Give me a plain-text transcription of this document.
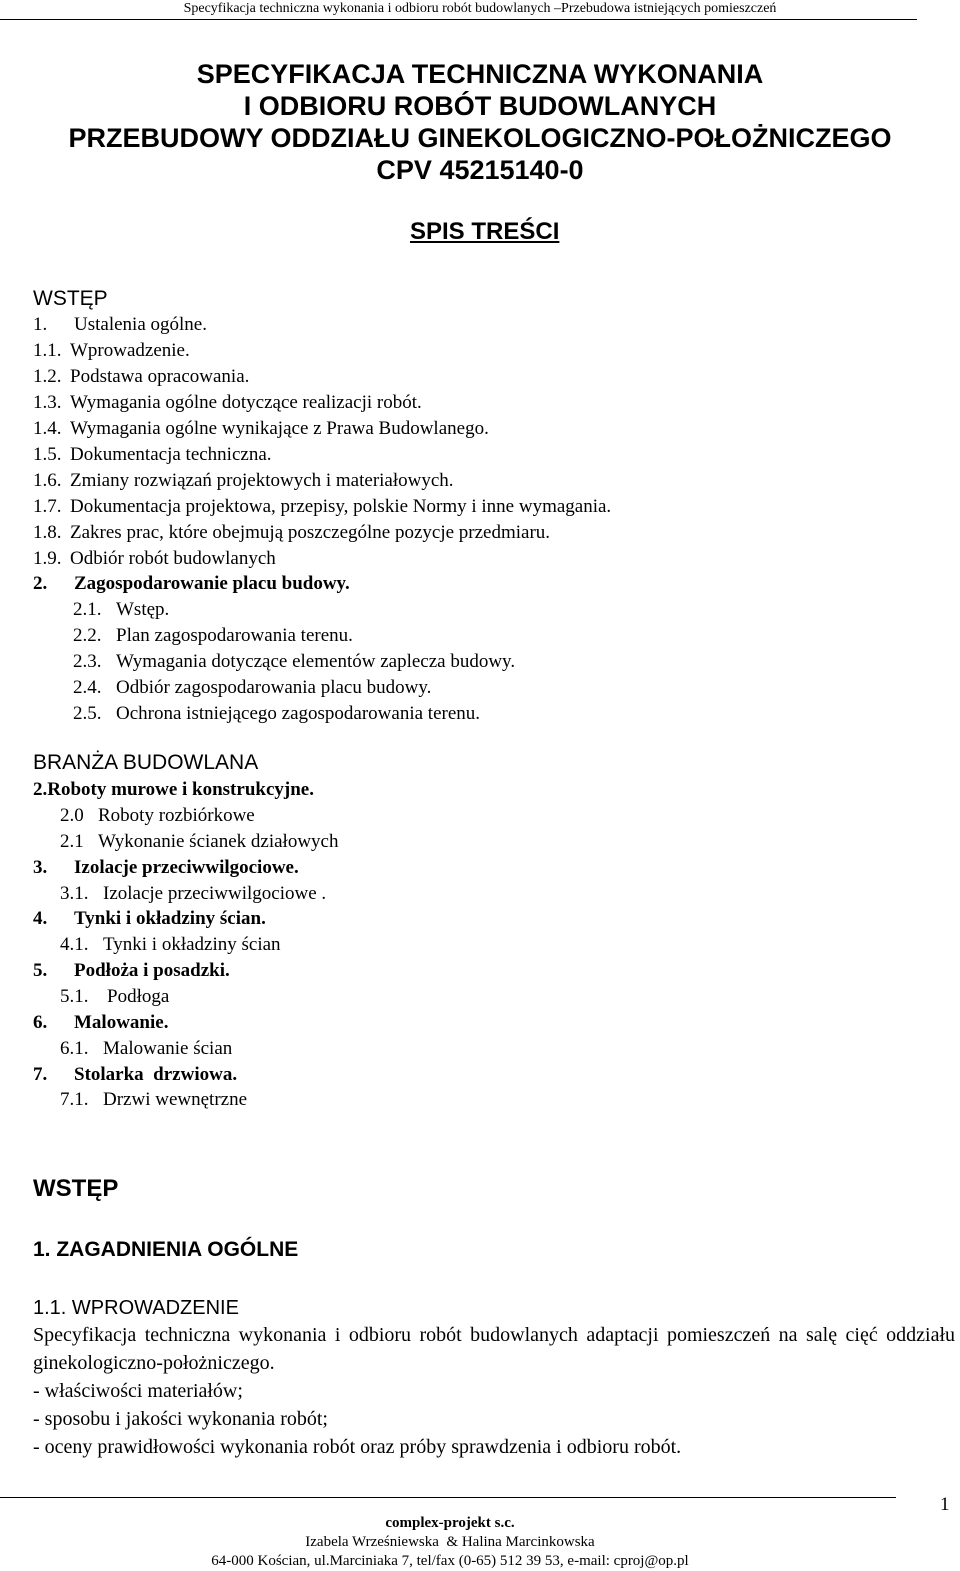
Specyfikacja techniczna wykonania i odbioru robót budowlanych –Przebudowa istniejących pomieszczeń
SPECYFIKACJA TECHNICZNA WYKONANIA
I ODBIORU ROBÓT BUDOWLANYCH
PRZEBUDOWY ODDZIAŁU GINEKOLOGICZNO-POŁOŻNICZEGO
CPV 45215140-0
SPIS TREŚCI
WSTĘP
1. Ustalenia ogólne.
1.1. Wprowadzenie.
1.2. Podstawa opracowania.
1.3. Wymagania ogólne dotyczące realizacji robót.
1.4. Wymagania ogólne wynikające z Prawa Budowlanego.
1.5. Dokumentacja techniczna.
1.6. Zmiany rozwiązań projektowych i materiałowych.
1.7. Dokumentacja projektowa, przepisy, polskie Normy i inne wymagania.
1.8. Zakres prac, które obejmują poszczególne pozycje przedmiaru.
1.9. Odbiór robót budowlanych
2. Zagospodarowanie placu budowy.
2.1. Wstęp.
2.2. Plan zagospodarowania terenu.
2.3. Wymagania dotyczące elementów zaplecza budowy.
2.4. Odbiór zagospodarowania placu budowy.
2.5. Ochrona istniejącego zagospodarowania terenu.
BRANŻA BUDOWLANA
2.Roboty murowe i konstrukcyjne.
2.0 Roboty rozbiórkowe
2.1 Wykonanie ścianek działowych
3. Izolacje przeciwwilgociowe.
3.1. Izolacje przeciwwilgociowe .
4. Tynki i okładziny ścian.
4.1. Tynki i okładziny ścian
5. Podłoża i posadzki.
5.1. Podłoga
6. Malowanie.
6.1. Malowanie ścian
7. Stolarka  drzwiowa.
7.1. Drzwi wewnętrzne
WSTĘP
1. ZAGADNIENIA OGÓLNE
1.1. WPROWADZENIE
Specyfikacja techniczna wykonania i odbioru robót budowlanych adaptacji pomieszczeń na salę cięć oddziału ginekologiczno-położniczego.
- właściwości materiałów;
- sposobu i jakości wykonania robót;
- oceny prawidłowości wykonania robót oraz próby sprawdzenia i odbioru robót.
1
complex-projekt s.c.
Izabela Wrześniewska  & Halina Marcinkowska
64-000 Kościan, ul.Marciniaka 7, tel/fax (0-65) 512 39 53, e-mail: cproj@op.pl
